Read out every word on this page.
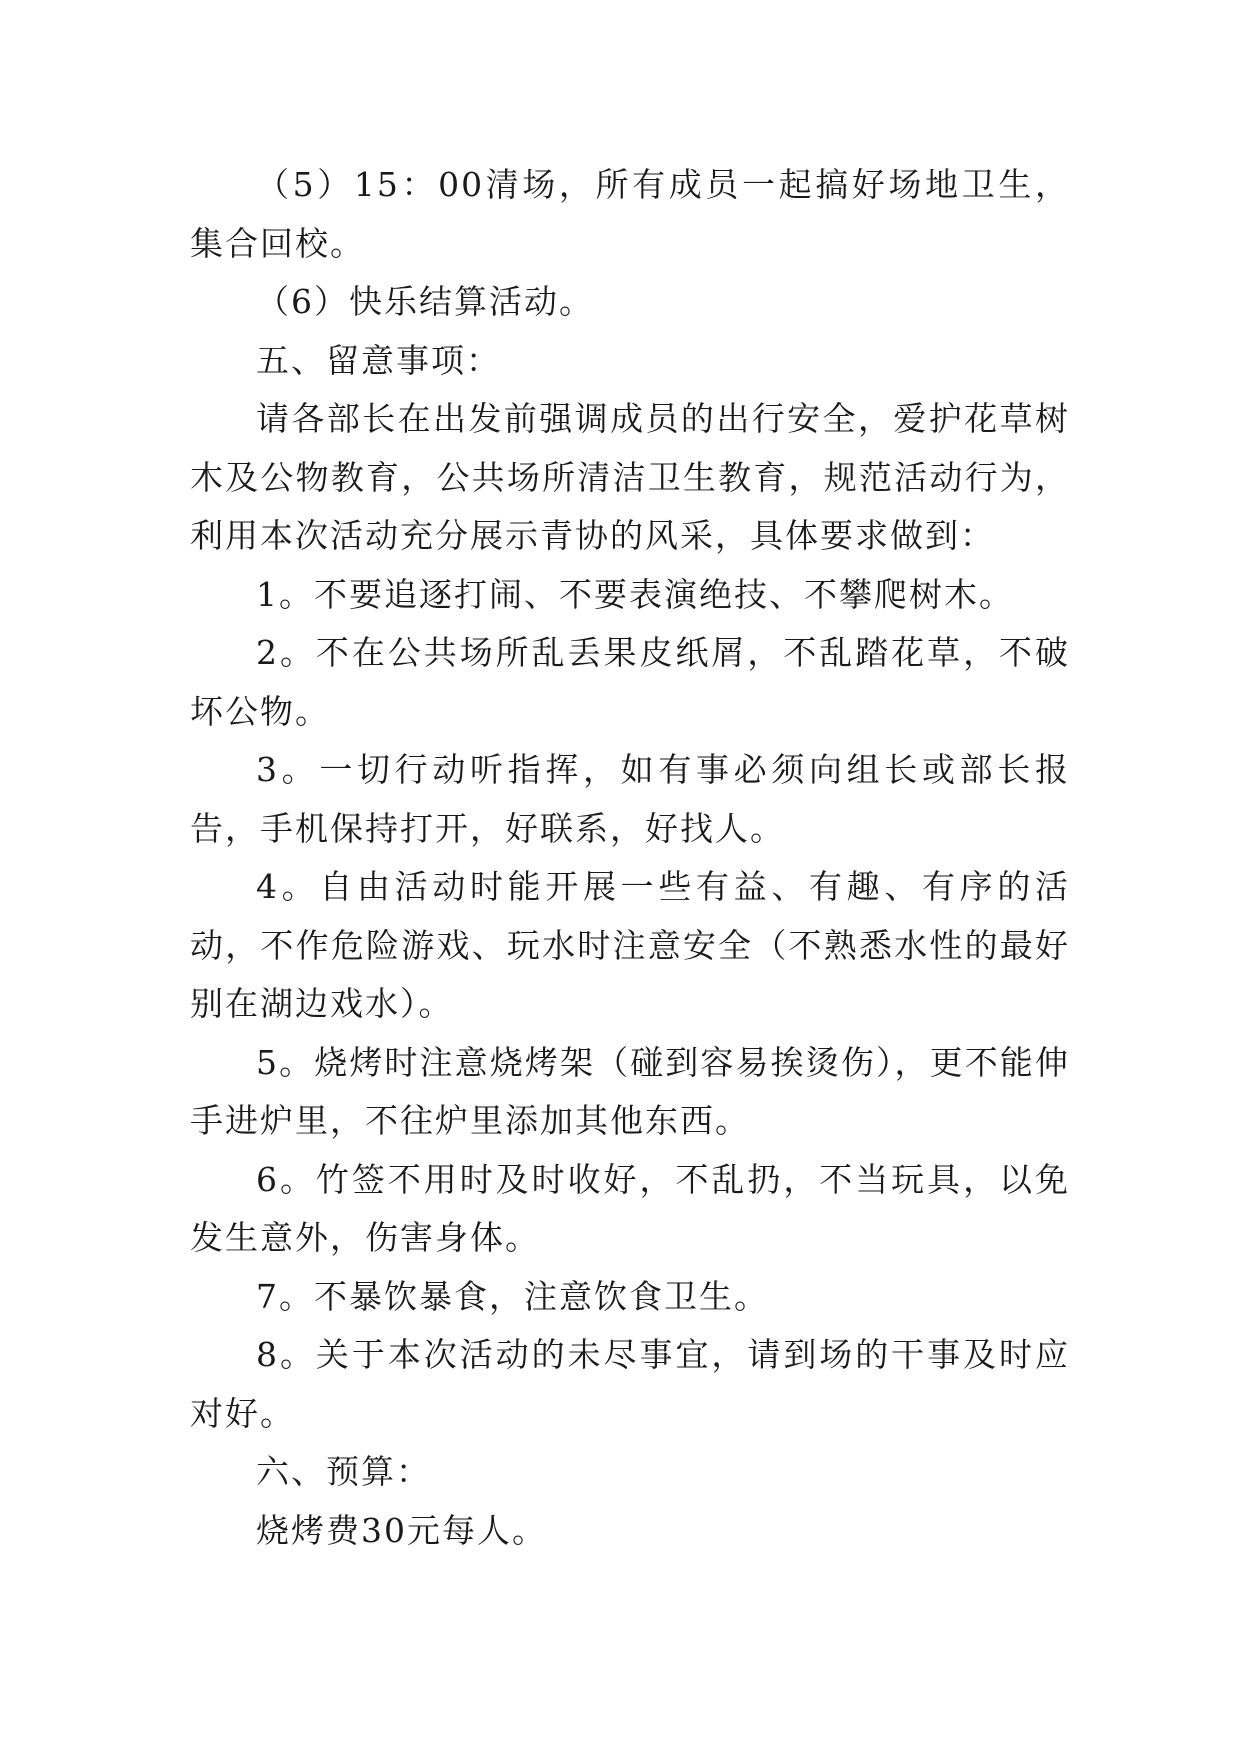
（5）15：00清场，所有成员一起搞好场地卫生，集合回校。

（6）快乐结算活动。

五、留意事项：

请各部长在出发前强调成员的出行安全，爱护花草树木及公物教育，公共场所清洁卫生教育，规范活动行为，利用本次活动充分展示青协的风采，具体要求做到：

1。不要追逐打闹、不要表演绝技、不攀爬树木。

2。不在公共场所乱丢果皮纸屑，不乱踏花草，不破坏公物。

3。一切行动听指挥，如有事必须向组长或部长报告，手机保持打开，好联系，好找人。

4。自由活动时能开展一些有益、有趣、有序的活动，不作危险游戏、玩水时注意安全（不熟悉水性的最好别在湖边戏水）。

5。烧烤时注意烧烤架（碰到容易挨烫伤），更不能伸手进炉里，不往炉里添加其他东西。

6。竹签不用时及时收好，不乱扔，不当玩具，以免发生意外，伤害身体。

7。不暴饮暴食，注意饮食卫生。

8。关于本次活动的未尽事宜，请到场的干事及时应对好。

六、预算：

烧烤费30元每人。
